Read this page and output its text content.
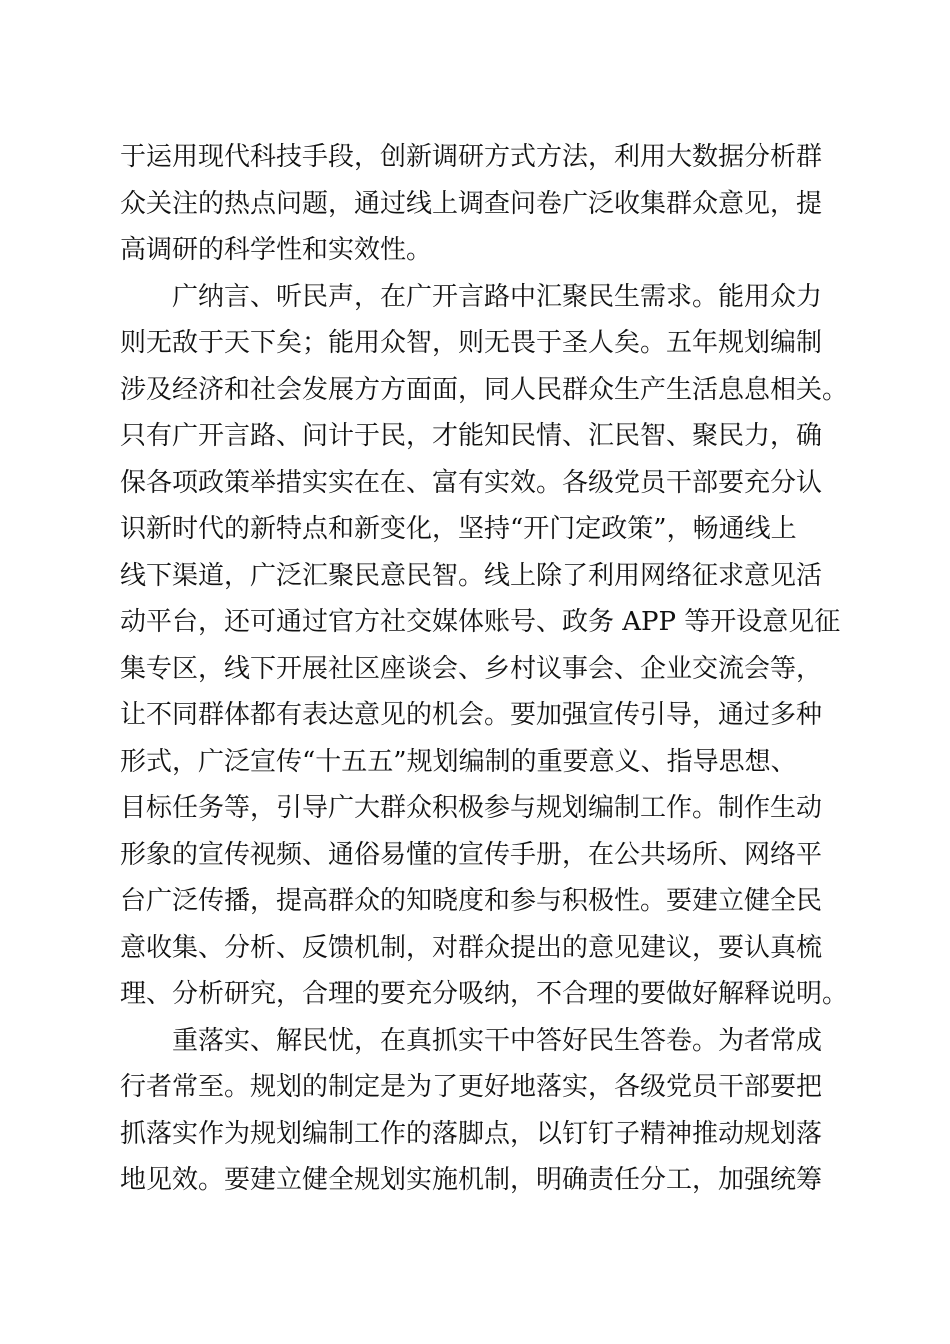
于运用现代科技手段，创新调研方式方法，利用大数据分析群
众关注的热点问题，通过线上调查问卷广泛收集群众意见，提
高调研的科学性和实效性。
广纳言、听民声，在广开言路中汇聚民生需求。能用众力
则无敌于天下矣；能用众智，则无畏于圣人矣。五年规划编制
涉及经济和社会发展方方面面，同人民群众生产生活息息相关。
只有广开言路、问计于民，才能知民情、汇民智、聚民力，确
保各项政策举措实实在在、富有实效。各级党员干部要充分认
识新时代的新特点和新变化，坚持“开门定政策”，畅通线上
线下渠道，广泛汇聚民意民智。线上除了利用网络征求意见活
动平台，还可通过官方社交媒体账号、政务 APP 等开设意见征
集专区，线下开展社区座谈会、乡村议事会、企业交流会等，
让不同群体都有表达意见的机会。要加强宣传引导，通过多种
形式，广泛宣传“十五五”规划编制的重要意义、指导思想、
目标任务等，引导广大群众积极参与规划编制工作。制作生动
形象的宣传视频、通俗易懂的宣传手册，在公共场所、网络平
台广泛传播，提高群众的知晓度和参与积极性。要建立健全民
意收集、分析、反馈机制，对群众提出的意见建议，要认真梳
理、分析研究，合理的要充分吸纳，不合理的要做好解释说明。
重落实、解民忧，在真抓实干中答好民生答卷。为者常成
行者常至。规划的制定是为了更好地落实，各级党员干部要把
抓落实作为规划编制工作的落脚点，以钉钉子精神推动规划落
地见效。要建立健全规划实施机制，明确责任分工，加强统筹
